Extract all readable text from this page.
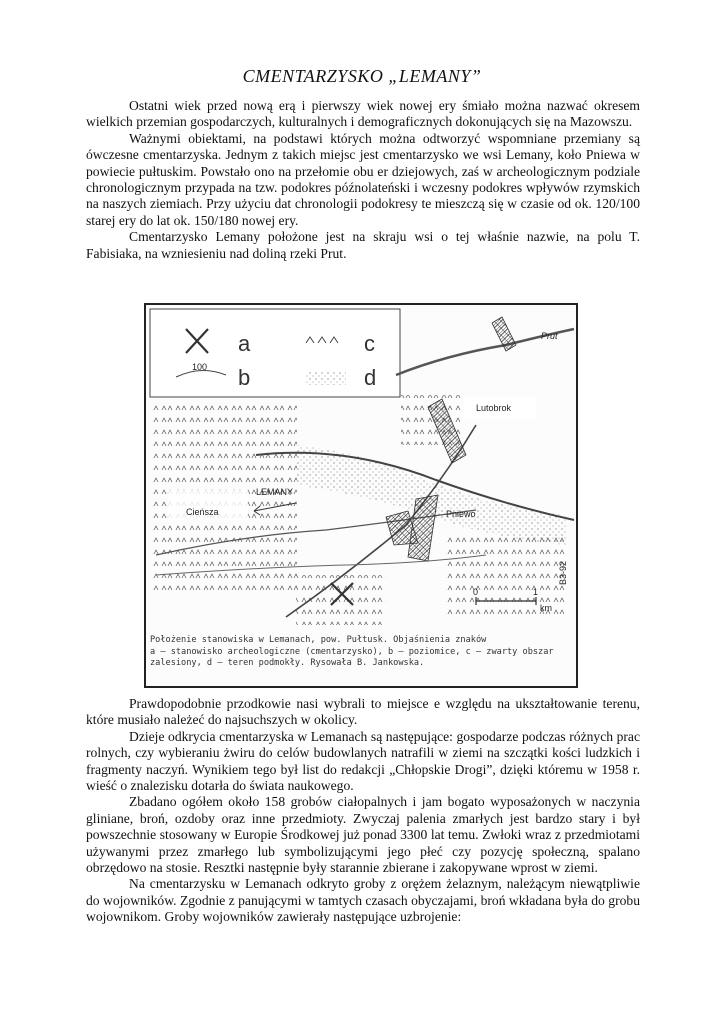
CMENTARZYSKO „LEMANY”

Ostatni wiek przed nową erą i pierwszy wiek nowej ery śmiało można nazwać okresem wielkich przemian gospodarczych, kulturalnych i demograficznych dokonujących się na Mazowszu.

Ważnymi obiektami, na podstawi których można odtworzyć wspomniane przemiany są ówczesne cmentarzyska. Jednym z takich miejsc jest cmentarzysko we wsi Lemany, koło Pniewa w powiecie pułtuskim. Powstało ono na przełomie obu er dziejowych, zaś w archeologicznym podziale chronologicznym przypada na tzw. podokres późnolateński i wczesny podokres wpływów rzymskich na naszych ziemiach. Przy użyciu dat chronologii podokresy te mieszczą się w czasie od ok. 120/100 starej ery do lat ok. 150/180 nowej ery.

Cmentarzysko Lemany położone jest na skraju wsi o tej właśnie nazwie, na polu T. Fabisiaka, na wzniesieniu nad doliną rzeki Prut.

a	c
100 b	d
Prut
Lutobrok
LEMANY
Cieńsza	Pniewo
0	1
km
B3-92
Położenie stanowiska w Lemanach, pow. Pułtusk. Objaśnienia znaków
a — stanowisko archeologiczne (cmentarzysko), b — poziomice, c — zwarty obszar
zalesiony, d — teren podmokły. Rysowała B. Jankowska.

Prawdopodobnie przodkowie nasi wybrali to miejsce e względu na ukształtowanie terenu, które musiało należeć do najsuchszych w okolicy.

Dzieje odkrycia cmentarzyska w Lemanach są następujące: gospodarze podczas różnych prac rolnych, czy wybieraniu żwiru do celów budowlanych natrafili w ziemi na szczątki kości ludzkich i fragmenty naczyń. Wynikiem tego był list do redakcji „Chłopskie Drogi”, dzięki któremu w 1958 r. wieść o znalezisku dotarła do świata naukowego.

Zbadano ogółem około 158 grobów ciałopalnych i jam bogato wyposażonych w naczynia gliniane, broń, ozdoby oraz inne przedmioty. Zwyczaj palenia zmarłych jest bardzo stary i był powszechnie stosowany w Europie Środkowej już ponad 3300 lat temu. Zwłoki wraz z przedmiotami używanymi przez zmarłego lub symbolizującymi jego płeć czy pozycję społeczną, spalano obrzędowo na stosie. Resztki następnie były starannie zbierane i zakopywane wprost w ziemi.

Na cmentarzysku w Lemanach odkryto groby z orężem żelaznym, należącym niewątpliwie do wojowników. Zgodnie z panującymi w tamtych czasach obyczajami, broń wkładana była do grobu wojownikom. Groby wojowników zawierały następujące uzbrojenie:
